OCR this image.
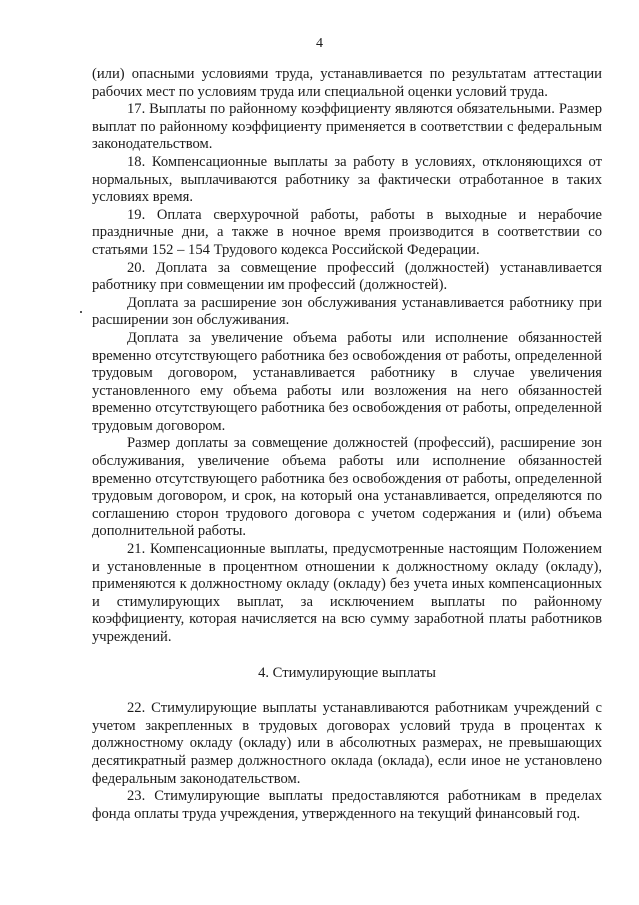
4

(или) опасными условиями труда, устанавливается по результатам аттестации рабочих мест по условиям труда или специальной оценки условий труда.

17. Выплаты по районному коэффициенту являются обязательными. Размер выплат по районному коэффициенту применяется в соответствии с федеральным законодательством.

18. Компенсационные выплаты за работу в условиях, отклоняющихся от нормальных, выплачиваются работнику за фактически отработанное в таких условиях время.

19. Оплата сверхурочной работы, работы в выходные и нерабочие праздничные дни, а также в ночное время производится в соответствии со статьями 152 – 154 Трудового кодекса Российской Федерации.

20. Доплата за совмещение профессий (должностей) устанавливается работнику при совмещении им профессий (должностей).

Доплата за расширение зон обслуживания устанавливается работнику при расширении зон обслуживания.

Доплата за увеличение объема работы или исполнение обязанностей временно отсутствующего работника без освобождения от работы, определенной трудовым договором, устанавливается работнику в случае увеличения установленного ему объема работы или возложения на него обязанностей временно отсутствующего работника без освобождения от работы, определенной трудовым договором.

Размер доплаты за совмещение должностей (профессий), расширение зон обслуживания, увеличение объема работы или исполнение обязанностей временно отсутствующего работника без освобождения от работы, определенной трудовым договором, и срок, на который она устанавливается, определяются по соглашению сторон трудового договора с учетом содержания и (или) объема дополнительной работы.

21. Компенсационные выплаты, предусмотренные настоящим Положением и установленные в процентном отношении к должностному окладу (окладу), применяются к должностному окладу (окладу) без учета иных компенсационных и стимулирующих выплат, за исключением выплаты по районному коэффициенту, которая начисляется на всю сумму заработной платы работников учреждений.

4. Стимулирующие выплаты

22. Стимулирующие выплаты устанавливаются работникам учреждений с учетом закрепленных в трудовых договорах условий труда в процентах к должностному окладу (окладу) или в абсолютных размерах, не превышающих десятикратный размер должностного оклада (оклада), если иное не установлено федеральным законодательством.

23. Стимулирующие выплаты предоставляются работникам в пределах фонда оплаты труда учреждения, утвержденного на текущий финансовый год.
